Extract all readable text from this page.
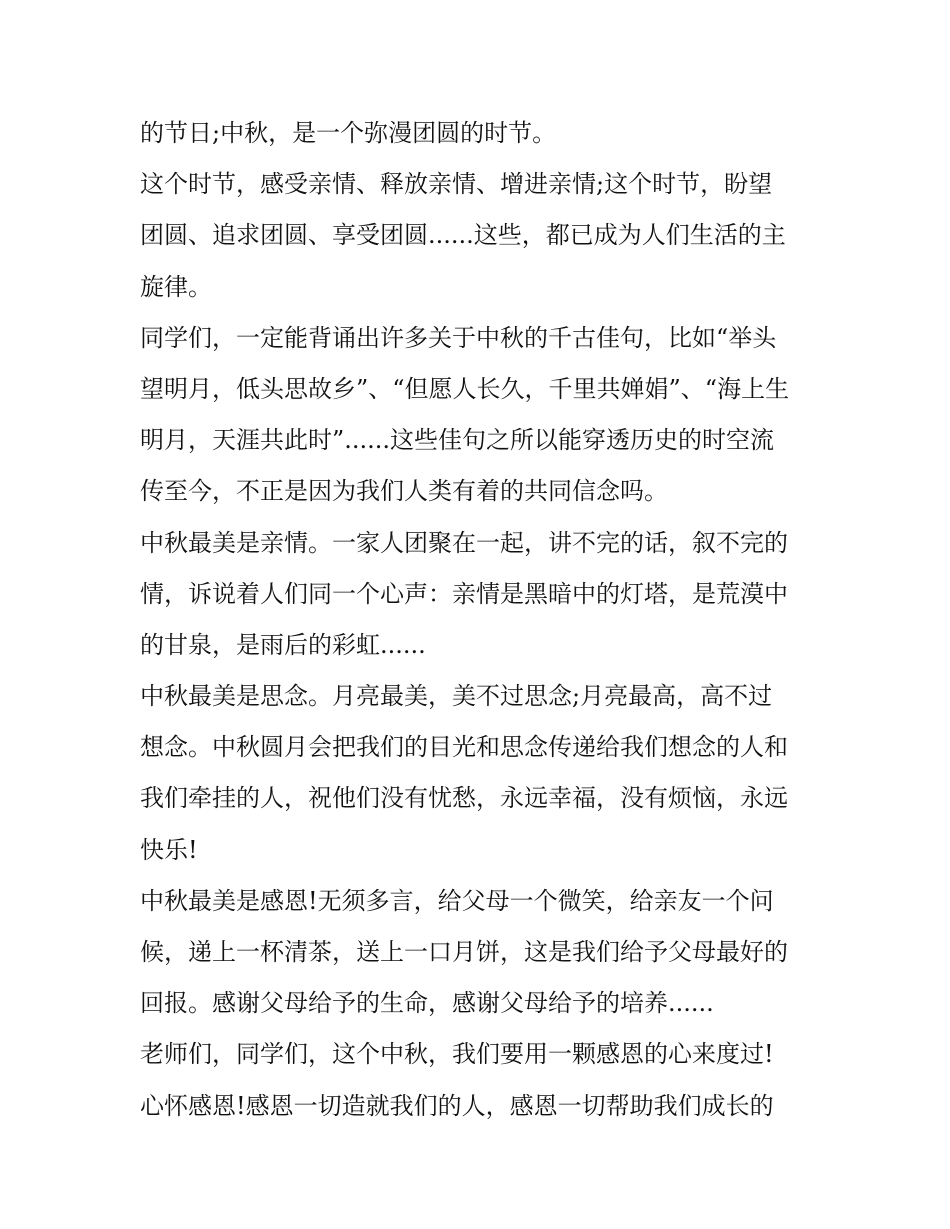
的节日;中秋，是一个弥漫团圆的时节。
这个时节，感受亲情、释放亲情、增进亲情;这个时节，盼望
团圆、追求团圆、享受团圆......这些，都已成为人们生活的主
旋律。
同学们，一定能背诵出许多关于中秋的千古佳句，比如“举头
望明月，低头思故乡”、“但愿人长久，千里共婵娟”、“海上生
明月，天涯共此时”......这些佳句之所以能穿透历史的时空流
传至今，不正是因为我们人类有着的共同信念吗。
中秋最美是亲情。一家人团聚在一起，讲不完的话，叙不完的
情，诉说着人们同一个心声：亲情是黑暗中的灯塔，是荒漠中
的甘泉，是雨后的彩虹......
中秋最美是思念。月亮最美，美不过思念;月亮最高，高不过
想念。中秋圆月会把我们的目光和思念传递给我们想念的人和
我们牵挂的人，祝他们没有忧愁，永远幸福，没有烦恼，永远
快乐!
中秋最美是感恩!无须多言，给父母一个微笑，给亲友一个问
候，递上一杯清茶，送上一口月饼，这是我们给予父母最好的
回报。感谢父母给予的生命，感谢父母给予的培养......
老师们，同学们，这个中秋，我们要用一颗感恩的心来度过!
心怀感恩!感恩一切造就我们的人，感恩一切帮助我们成长的
